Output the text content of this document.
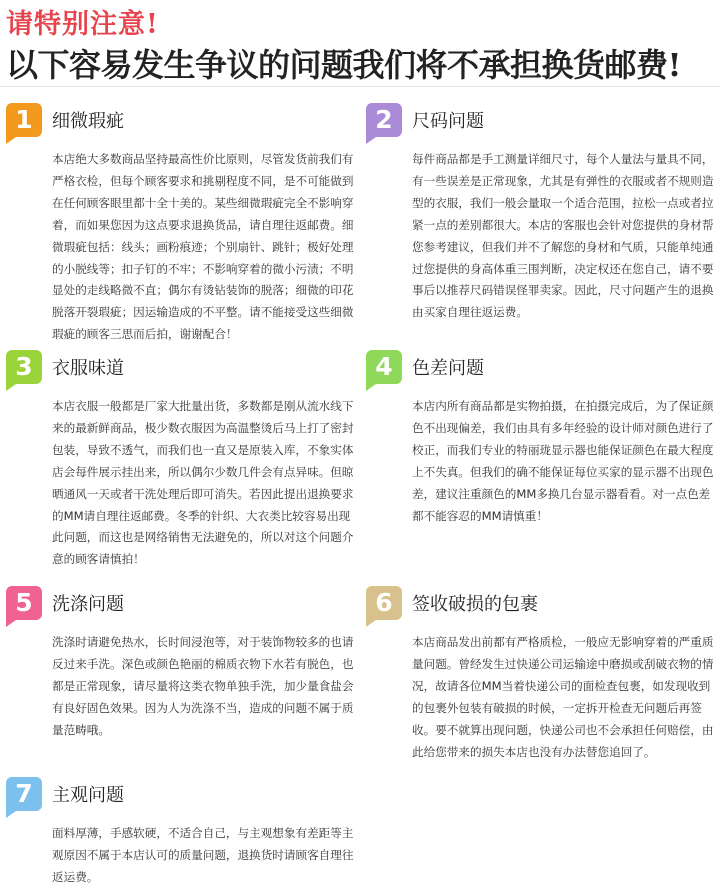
请特别注意!
以下容易发生争议的问题我们将不承担换货邮费!
1	细微瑕疵
本店绝大多数商品坚持最高性价比原则，尽管发货前我们有严格衣检，但每个顾客要求和挑剔程度不同，是不可能做到在任何顾客眼里都十全十美的。某些细微瑕疵完全不影响穿着，而如果您因为这点要求退换货品，请自理往返邮费。细微瑕疵包括：线头；画粉痕迹；个别扇针、跳针；极好处理的小脱线等；扣子钉的不牢；不影响穿着的微小污渍；不明显处的走线略微不直；偶尔有烫钻装饰的脱落；细微的印花脱落开裂瑕疵；因运输造成的不平整。请不能接受这些细微瑕疵的顾客三思而后拍，谢谢配合！
2	尺码问题
每件商品都是手工测量详细尺寸，每个人量法与量具不同，有一些误差是正常现象，尤其是有弹性的衣服或者不规则造型的衣服，我们一般会量取一个适合范围，拉松一点或者拉紧一点的差别都很大。本店的客服也会针对您提供的身材帮您参考建议，但我们并不了解您的身材和气质，只能单纯通过您提供的身高体重三围判断，决定权还在您自己，请不要事后以推荐尺码错误怪罪卖家。因此，尺寸问题产生的退换由买家自理往返运费。
3	衣服味道
本店衣服一般都是厂家大批量出货，多数都是刚从流水线下来的最新鲜商品，极少数衣服因为高温整烫后马上打了密封包装，导致不透气，而我们也一直又是原装入库，不象实体店会每件展示挂出来，所以偶尔少数几件会有点异味。但晾晒通风一天或者干洗处理后即可消失。若因此提出退换要求的MM请自理往返邮费。冬季的针织、大衣类比较容易出现此问题，而这也是网络销售无法避免的，所以对这个问题介意的顾客请慎拍！
4	色差问题
本店内所有商品都是实物拍摄，在拍摄完成后，为了保证颜色不出现偏差，我们由具有多年经验的设计师对颜色进行了校正，而我们专业的特丽珑显示器也能保证颜色在最大程度上不失真。但我们的确不能保证每位买家的显示器不出现色差，建议注重颜色的MM多换几台显示器看看。对一点色差都不能容忍的MM请慎重！
5	洗涤问题
洗涤时请避免热水，长时间浸泡等，对于装饰物较多的也请反过来手洗。深色或颜色艳丽的棉质衣物下水若有脱色，也都是正常现象，请尽量将这类衣物单独手洗，加少量食盐会有良好固色效果。因为人为洗涤不当，造成的问题不属于质量范畴哦。
6	签收破损的包裹
本店商品发出前都有严格质检，一般应无影响穿着的严重质量问题。曾经发生过快递公司运输途中磨损或刮破衣物的情况，故请各位MM当着快递公司的面检查包裹，如发现收到的包裹外包装有破损的时候，一定拆开检查无问题后再签收。要不就算出现问题，快递公司也不会承担任何赔偿，由此给您带来的损失本店也没有办法替您追回了。
7	主观问题
面料厚薄，手感软硬，不适合自己，与主观想象有差距等主观原因不属于本店认可的质量问题，退换货时请顾客自理往返运费。
